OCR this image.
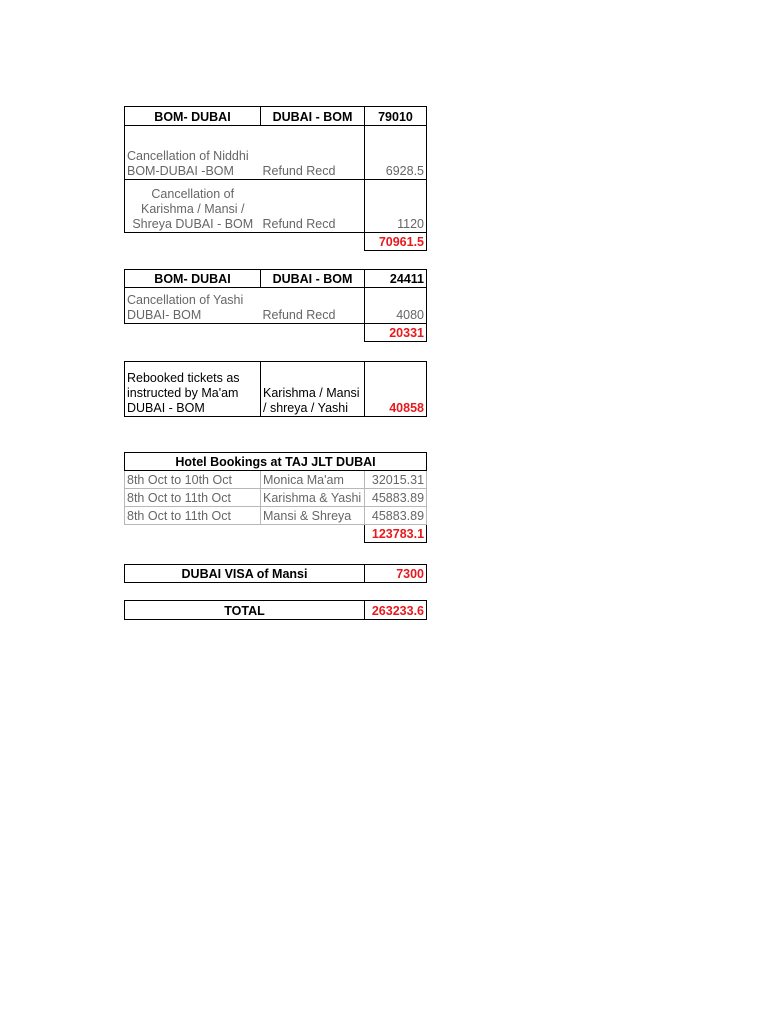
BOM- DUBAI	DUBAI - BOM	79010
Cancellation of Niddhi BOM-DUBAI -BOM	Refund Recd	6928.5
Cancellation of Karishma / Mansi / Shreya DUBAI - BOM	Refund Recd	1120
		70961.5
BOM- DUBAI	DUBAI - BOM	24411
Cancellation of Yashi DUBAI- BOM	Refund Recd	4080
		20331
Rebooked tickets as instructed by Ma'am DUBAI - BOM	Karishma / Mansi / shreya / Yashi	40858
Hotel Bookings at TAJ JLT DUBAI		
8th Oct to 10th Oct	Monica Ma'am	32015.31
8th Oct to 11th Oct	Karishma & Yashi	45883.89
8th Oct to 11th Oct	Mansi & Shreya	45883.89
		123783.1
DUBAI VISA of Mansi	7300
TOTAL	263233.6
